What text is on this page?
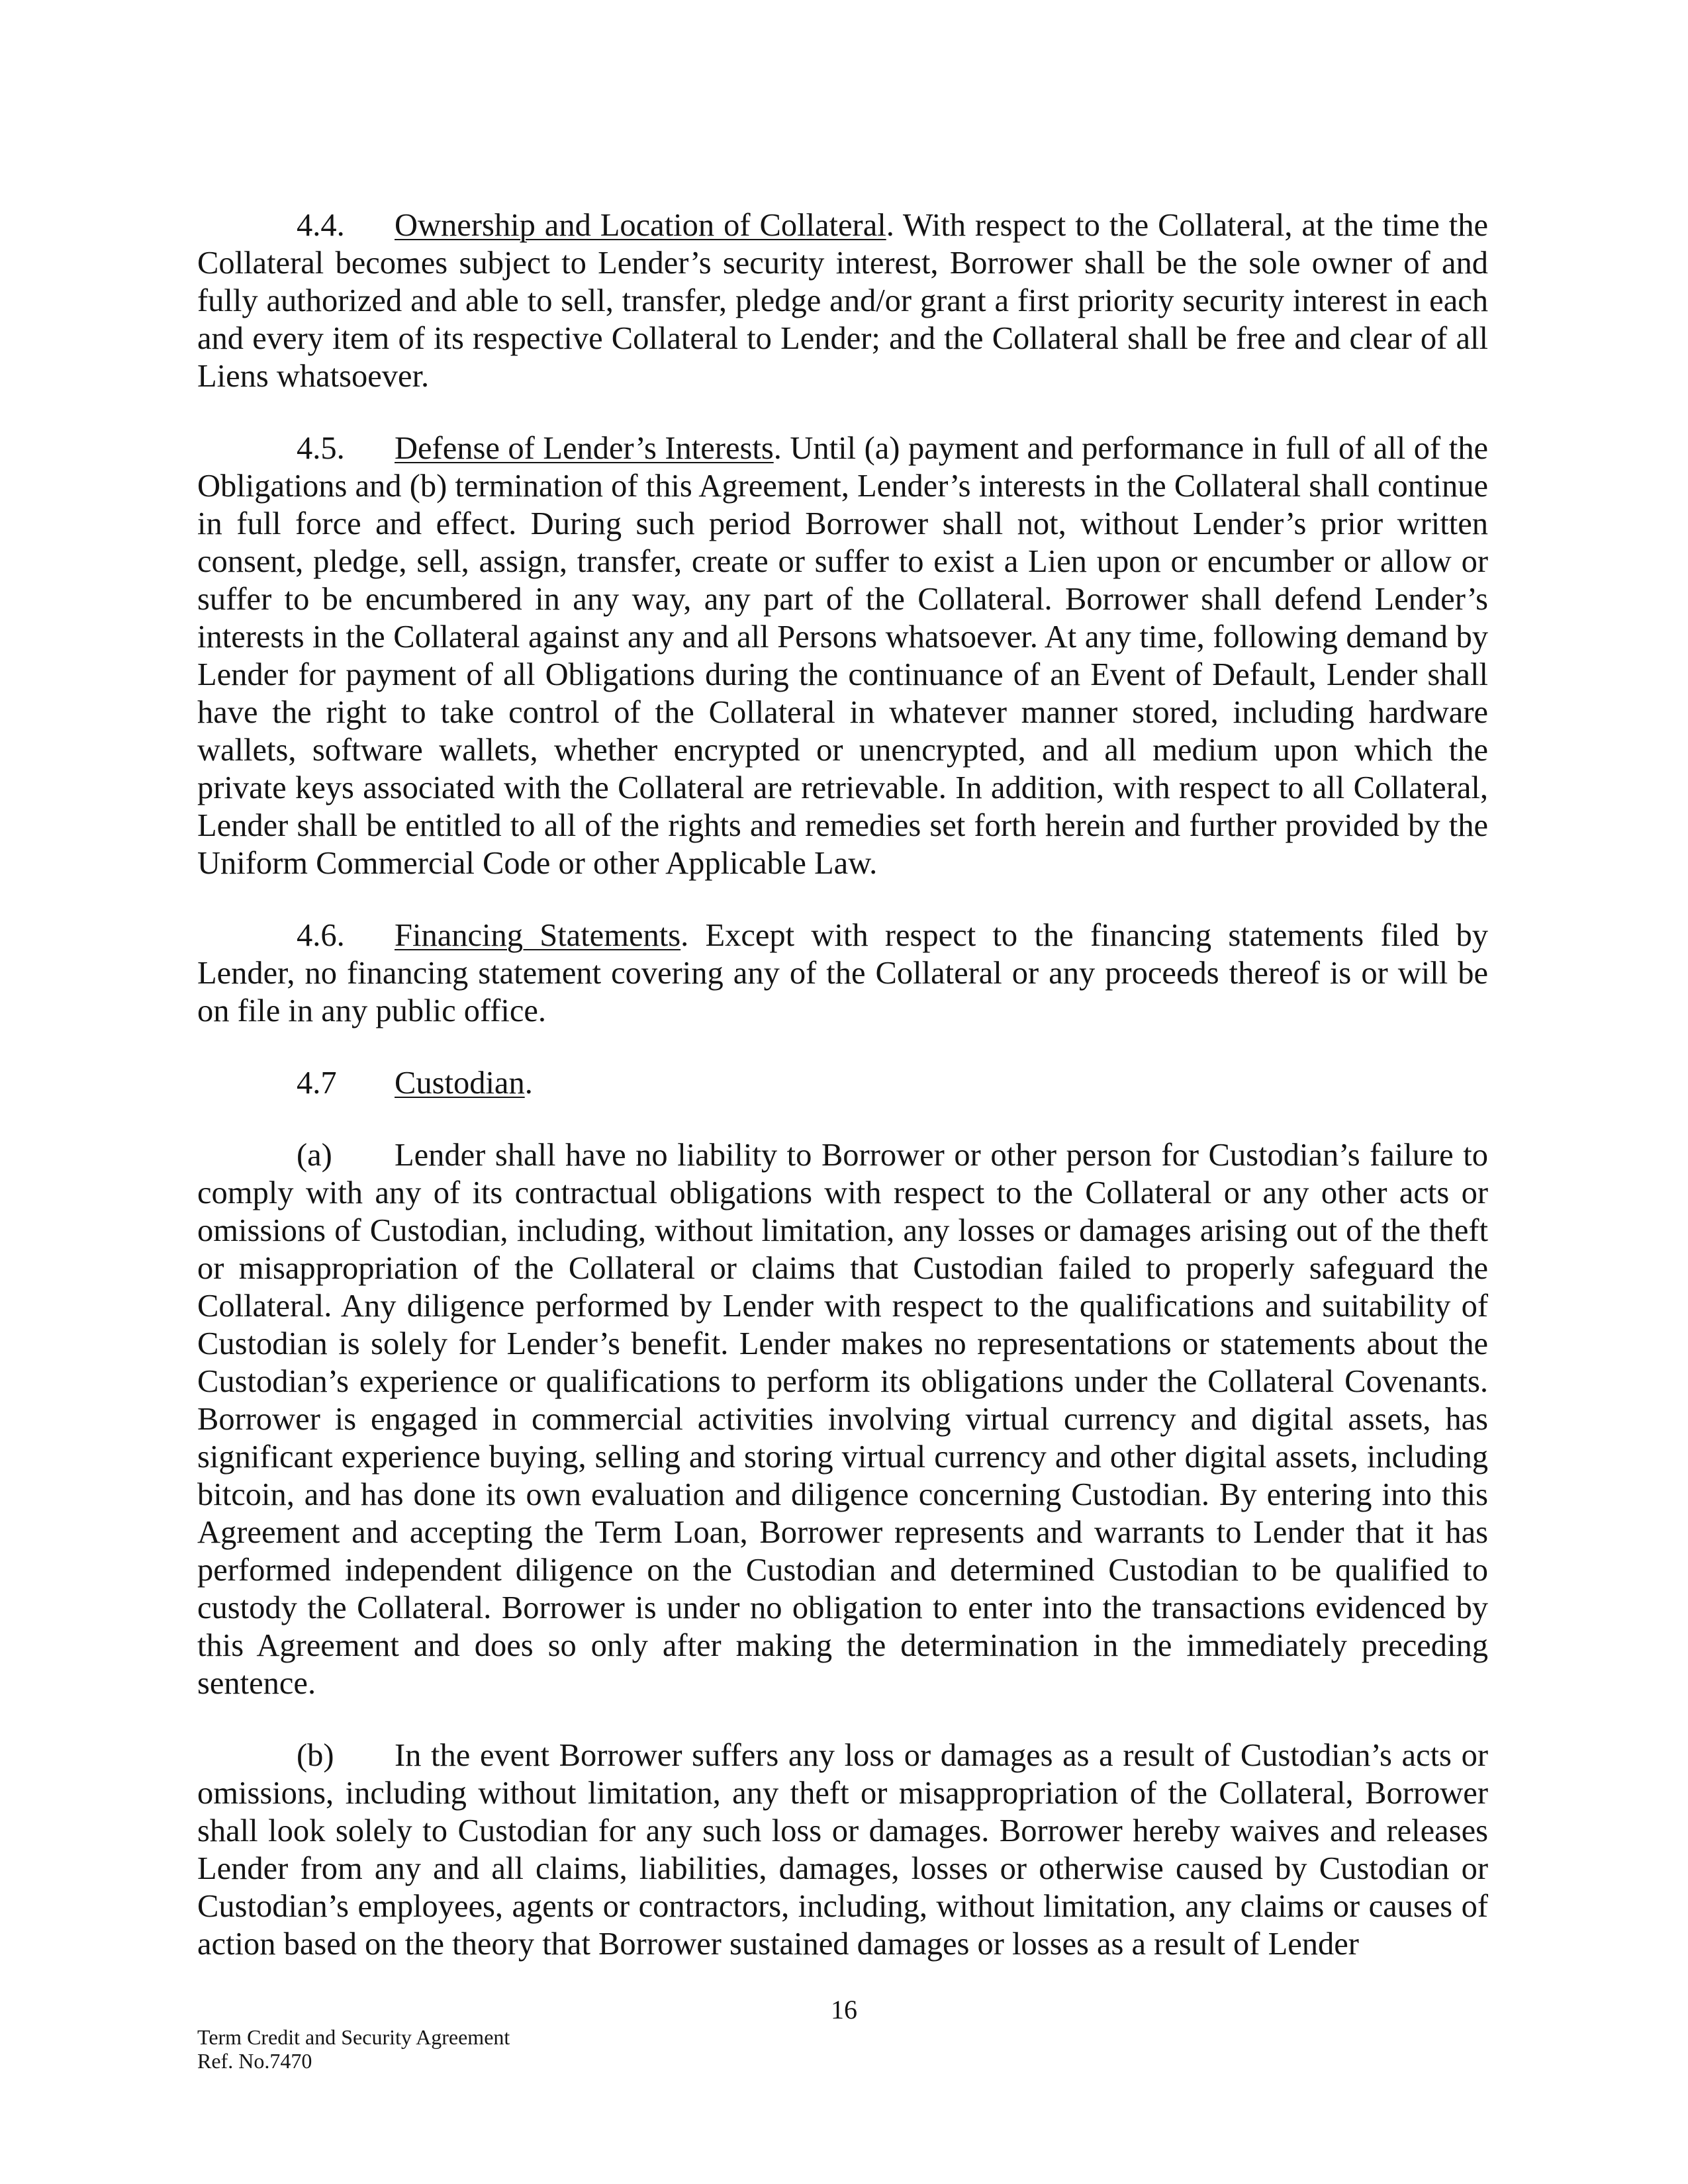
4.4. Ownership and Location of Collateral. With respect to the Collateral, at the time the Collateral becomes subject to Lender’s security interest, Borrower shall be the sole owner of and fully authorized and able to sell, transfer, pledge and/or grant a first priority security interest in each and every item of its respective Collateral to Lender; and the Collateral shall be free and clear of all Liens whatsoever.

4.5. Defense of Lender’s Interests. Until (a) payment and performance in full of all of the Obligations and (b) termination of this Agreement, Lender’s interests in the Collateral shall continue in full force and effect. During such period Borrower shall not, without Lender’s prior written consent, pledge, sell, assign, transfer, create or suffer to exist a Lien upon or encumber or allow or suffer to be encumbered in any way, any part of the Collateral. Borrower shall defend Lender’s interests in the Collateral against any and all Persons whatsoever. At any time, following demand by Lender for payment of all Obligations during the continuance of an Event of Default, Lender shall have the right to take control of the Collateral in whatever manner stored, including hardware wallets, software wallets, whether encrypted or unencrypted, and all medium upon which the private keys associated with the Collateral are retrievable. In addition, with respect to all Collateral, Lender shall be entitled to all of the rights and remedies set forth herein and further provided by the Uniform Commercial Code or other Applicable Law.

4.6. Financing Statements. Except with respect to the financing statements filed by Lender, no financing statement covering any of the Collateral or any proceeds thereof is or will be on file in any public office.

4.7 Custodian.

(a) Lender shall have no liability to Borrower or other person for Custodian’s failure to comply with any of its contractual obligations with respect to the Collateral or any other acts or omissions of Custodian, including, without limitation, any losses or damages arising out of the theft or misappropriation of the Collateral or claims that Custodian failed to properly safeguard the Collateral. Any diligence performed by Lender with respect to the qualifications and suitability of Custodian is solely for Lender’s benefit. Lender makes no representations or statements about the Custodian’s experience or qualifications to perform its obligations under the Collateral Covenants. Borrower is engaged in commercial activities involving virtual currency and digital assets, has significant experience buying, selling and storing virtual currency and other digital assets, including bitcoin, and has done its own evaluation and diligence concerning Custodian. By entering into this Agreement and accepting the Term Loan, Borrower represents and warrants to Lender that it has performed independent diligence on the Custodian and determined Custodian to be qualified to custody the Collateral. Borrower is under no obligation to enter into the transactions evidenced by this Agreement and does so only after making the determination in the immediately preceding sentence.

(b) In the event Borrower suffers any loss or damages as a result of Custodian’s acts or omissions, including without limitation, any theft or misappropriation of the Collateral, Borrower shall look solely to Custodian for any such loss or damages. Borrower hereby waives and releases Lender from any and all claims, liabilities, damages, losses or otherwise caused by Custodian or Custodian’s employees, agents or contractors, including, without limitation, any claims or causes of action based on the theory that Borrower sustained damages or losses as a result of Lender

16
Term Credit and Security Agreement
Ref. No.7470
